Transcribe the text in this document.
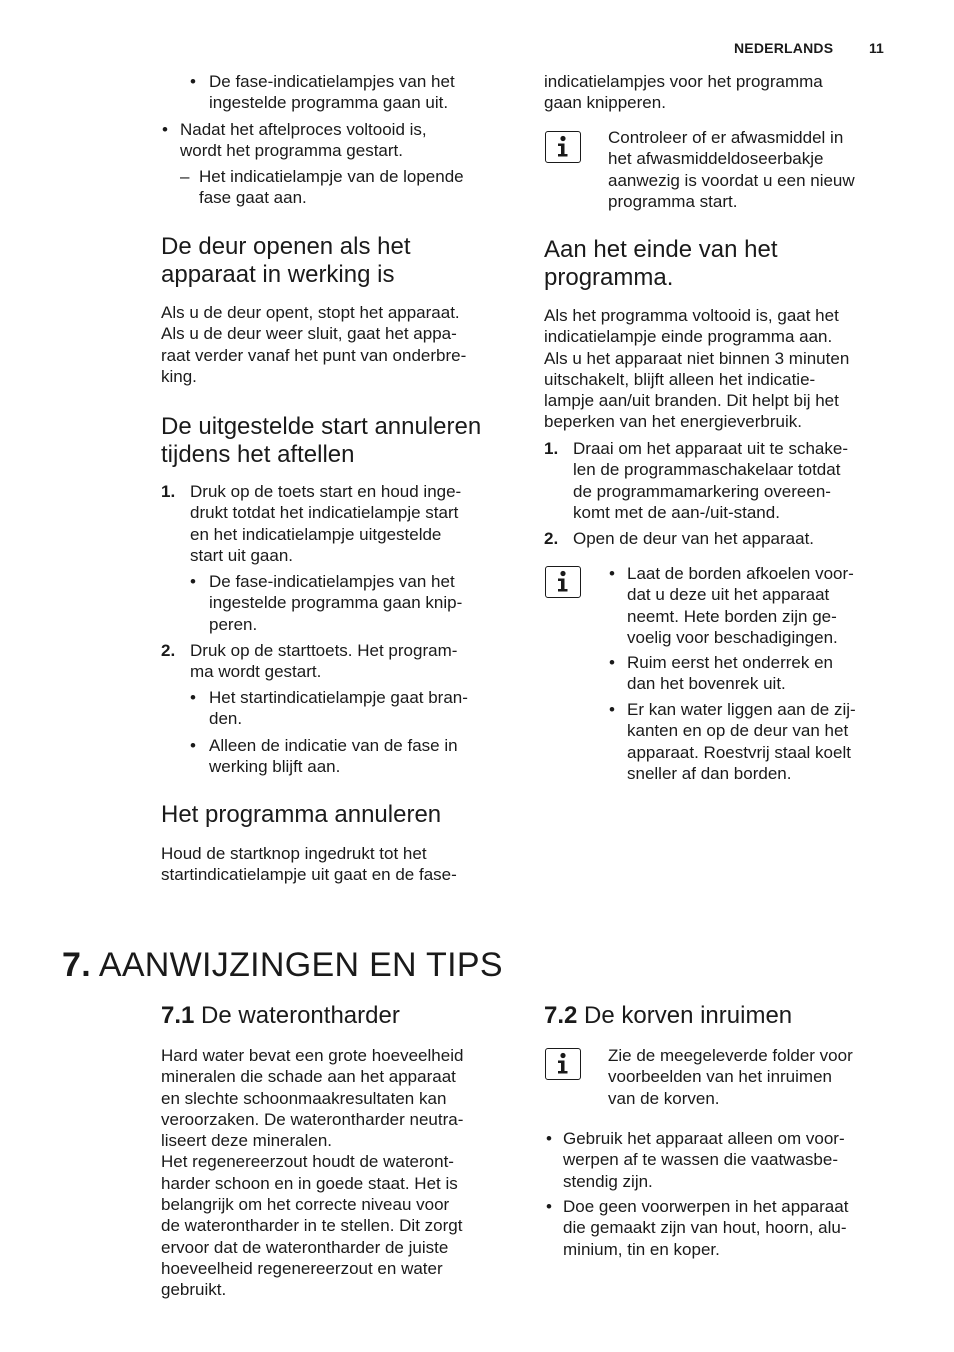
NEDERLANDS	11
• De fase-indicatielampjes van het
ingestelde programma gaan uit.
• Nadat het aftelproces voltooid is,
wordt het programma gestart.
– Het indicatielampje van de lopende
fase gaat aan.
De deur openen als het
apparaat in werking is
Als u de deur opent, stopt het apparaat.
Als u de deur weer sluit, gaat het appa-
raat verder vanaf het punt van onderbre-
king.
De uitgestelde start annuleren
tijdens het aftellen
1. Druk op de toets start en houd inge-
drukt totdat het indicatielampje start
en het indicatielampje uitgestelde
start uit gaan.
• De fase-indicatielampjes van het
ingestelde programma gaan knip-
peren.
2. Druk op de starttoets. Het program-
ma wordt gestart.
• Het startindicatielampje gaat bran-
den.
• Alleen de indicatie van de fase in
werking blijft aan.
Het programma annuleren
Houd de startknop ingedrukt tot het
startindicatielampje uit gaat en de fase-
indicatielampjes voor het programma
gaan knipperen.
Controleer of er afwasmiddel in
het afwasmiddeldoseerbakje
aanwezig is voordat u een nieuw
programma start.
Aan het einde van het
programma.
Als het programma voltooid is, gaat het
indicatielampje einde programma aan.
Als u het apparaat niet binnen 3 minuten
uitschakelt, blijft alleen het indicatie-
lampje aan/uit branden. Dit helpt bij het
beperken van het energieverbruik.
1. Draai om het apparaat uit te schake-
len de programmaschakelaar totdat
de programmamarkering overeen-
komt met de aan-/uit-stand.
2. Open de deur van het apparaat.
• Laat de borden afkoelen voor-
dat u deze uit het apparaat
neemt. Hete borden zijn ge-
voelig voor beschadigingen.
• Ruim eerst het onderrek en
dan het bovenrek uit.
• Er kan water liggen aan de zij-
kanten en op de deur van het
apparaat. Roestvrij staal koelt
sneller af dan borden.
7. AANWIJZINGEN EN TIPS
7.1 De waterontharder
Hard water bevat een grote hoeveelheid
mineralen die schade aan het apparaat
en slechte schoonmaakresultaten kan
veroorzaken. De waterontharder neutra-
liseert deze mineralen.
Het regenereerzout houdt de wateront-
harder schoon en in goede staat. Het is
belangrijk om het correcte niveau voor
de waterontharder in te stellen. Dit zorgt
ervoor dat de waterontharder de juiste
hoeveelheid regenereerzout en water
gebruikt.
7.2 De korven inruimen
Zie de meegeleverde folder voor
voorbeelden van het inruimen
van de korven.
• Gebruik het apparaat alleen om voor-
werpen af te wassen die vaatwasbe-
stendig zijn.
• Doe geen voorwerpen in het apparaat
die gemaakt zijn van hout, hoorn, alu-
minium, tin en koper.
